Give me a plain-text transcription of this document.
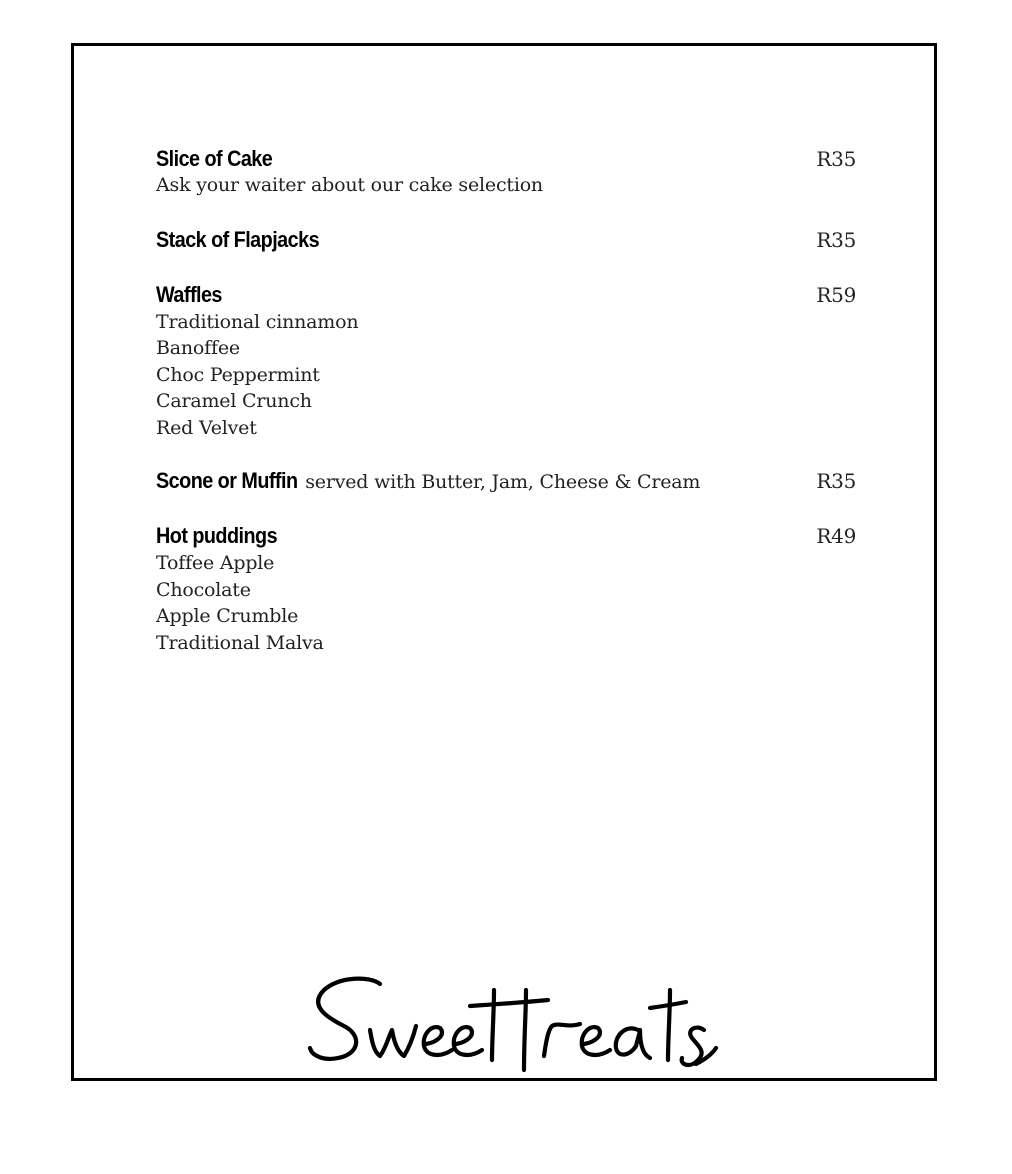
Slice of Cake	R35
Ask your waiter about our cake selection
Stack of Flapjacks	R35
Waffles	R59
Traditional cinnamon
Banoffee
Choc Peppermint
Caramel Crunch
Red Velvet
Scone or Muffin served with Butter, Jam, Cheese & Cream	R35
Hot puddings	R49
Toffee Apple
Chocolate
Apple Crumble
Traditional Malva
